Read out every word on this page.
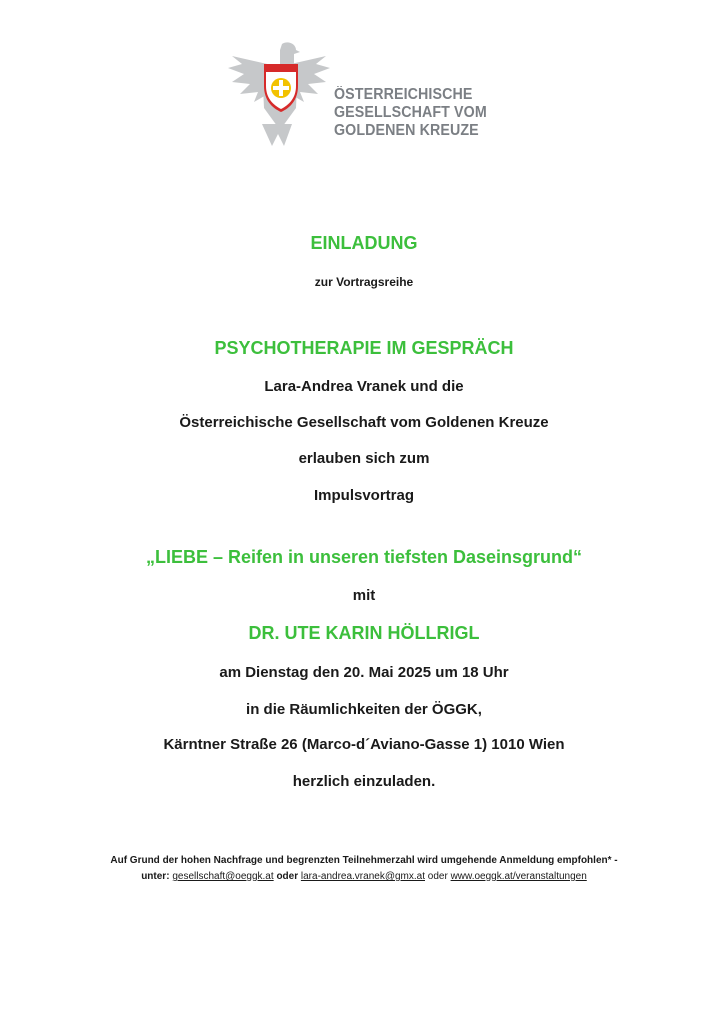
ÖSTERREICHISCHE
GESELLSCHAFT VOM
GOLDENEN KREUZE
EINLADUNG
zur Vortragsreihe
PSYCHOTHERAPIE IM GESPRÄCH
Lara-Andrea Vranek und die
Österreichische Gesellschaft vom Goldenen Kreuze
erlauben sich zum
Impulsvortrag
„LIEBE – Reifen in unseren tiefsten Daseinsgrund“
mit
DR. UTE KARIN HÖLLRIGL
am Dienstag den 20. Mai 2025 um 18 Uhr
in die Räumlichkeiten der ÖGGK,
Kärntner Straße 26 (Marco-d´Aviano-Gasse 1) 1010 Wien
herzlich einzuladen.
Auf Grund der hohen Nachfrage und begrenzten Teilnehmerzahl wird umgehende Anmeldung empfohlen* -
unter: gesellschaft@oeggk.at oder lara-andrea.vranek@gmx.at oder www.oeggk.at/veranstaltungen
